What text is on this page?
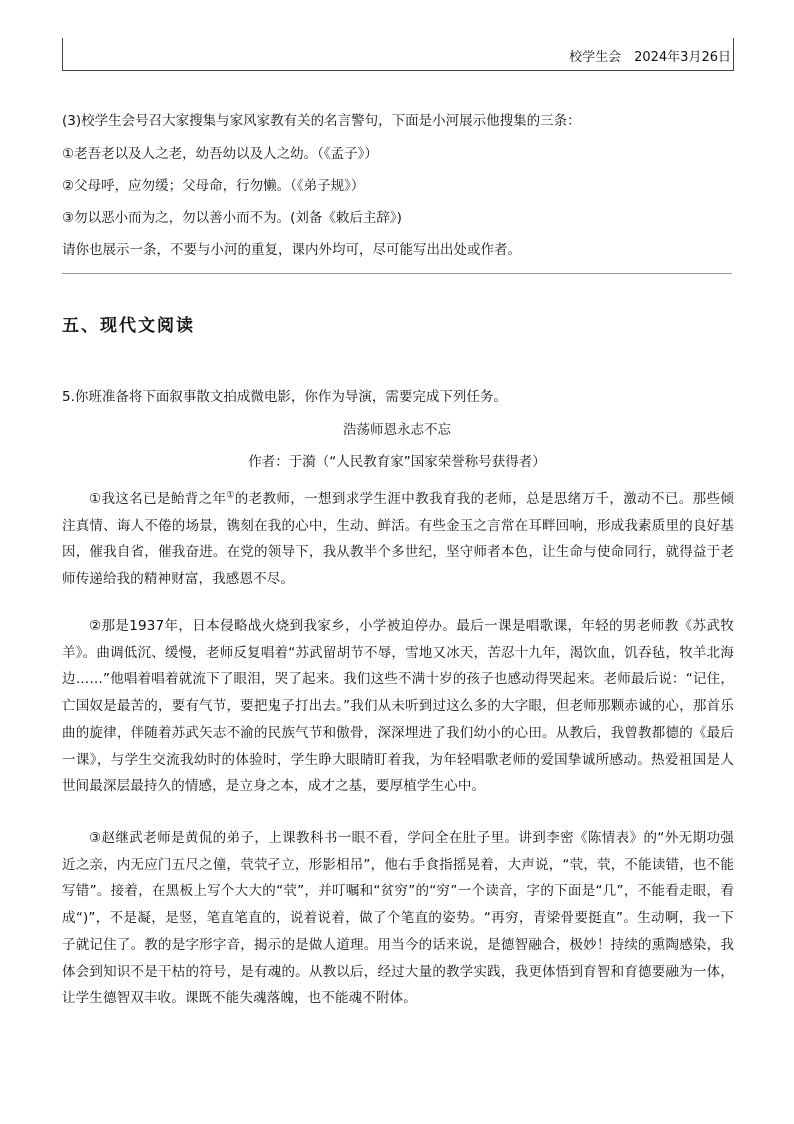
校学生会　2024年3月26日
(3)校学生会号召大家搜集与家风家教有关的名言警句，下面是小河展示他搜集的三条：
①老吾老以及人之老，幼吾幼以及人之幼。（《孟子》）
②父母呼，应勿缓；父母命，行勿懒。（《弟子规》）
③勿以恶小而为之，勿以善小而不为。(刘备《敕后主辞》)
请你也展示一条，不要与小河的重复，课内外均可，尽可能写出出处或作者。
五、现代文阅读
5.你班准备将下面叙事散文拍成微电影，你作为导演，需要完成下列任务。
浩荡师恩永志不忘
作者：于漪（“人民教育家”国家荣誉称号获得者）
①我这名已是鲐背之年①的老教师，一想到求学生涯中教我育我的老师，总是思绪万千，激动不已。那些倾注真情、诲人不倦的场景，镌刻在我的心中，生动、鲜活。有些金玉之言常在耳畔回响，形成我素质里的良好基因，催我自省，催我奋进。在党的领导下，我从教半个多世纪，坚守师者本色，让生命与使命同行，就得益于老师传递给我的精神财富，我感恩不尽。
②那是1937年，日本侵略战火烧到我家乡，小学被迫停办。最后一课是唱歌课，年轻的男老师教《苏武牧羊》。曲调低沉、缓慢，老师反复唱着“苏武留胡节不辱，雪地又冰天，苦忍十九年，渴饮血，饥吞毡，牧羊北海边……”他唱着唱着就流下了眼泪，哭了起来。我们这些不满十岁的孩子也感动得哭起来。老师最后说：“记住，亡国奴是最苦的，要有气节，要把鬼子打出去。”我们从未听到过这么多的大字眼，但老师那颗赤诚的心，那首乐曲的旋律，伴随着苏武矢志不渝的民族气节和傲骨，深深埋进了我们幼小的心田。从教后，我曾教都德的《最后一课》，与学生交流我幼时的体验时，学生睁大眼睛盯着我，为年轻唱歌老师的爱国挚诚所感动。热爱祖国是人世间最深层最持久的情感，是立身之本，成才之基，要厚植学生心中。
③赵继武老师是黄侃的弟子，上课教科书一眼不看，学问全在肚子里。讲到李密《陈情表》的“外无期功强近之亲，内无应门五尺之僮，茕茕孑立，形影相吊”，他右手食指摇晃着，大声说，“茕，茕，不能读错，也不能写错”。接着，在黑板上写个大大的“茕”，并叮嘱和“贫穷”的“穷”一个读音，字的下面是“几”，不能看走眼，看成“)”，不是凝，是竖，笔直笔直的，说着说着，做了个笔直的姿势。“再穷，青梁骨要挺直”。生动啊，我一下子就记住了。教的是字形字音，揭示的是做人道理。用当今的话来说，是德智融合，极妙！持续的熏陶感染，我体会到知识不是干枯的符号，是有魂的。从教以后，经过大量的教学实践，我更体悟到育智和育德要融为一体，让学生德智双丰收。课既不能失魂落魄，也不能魂不附体。
